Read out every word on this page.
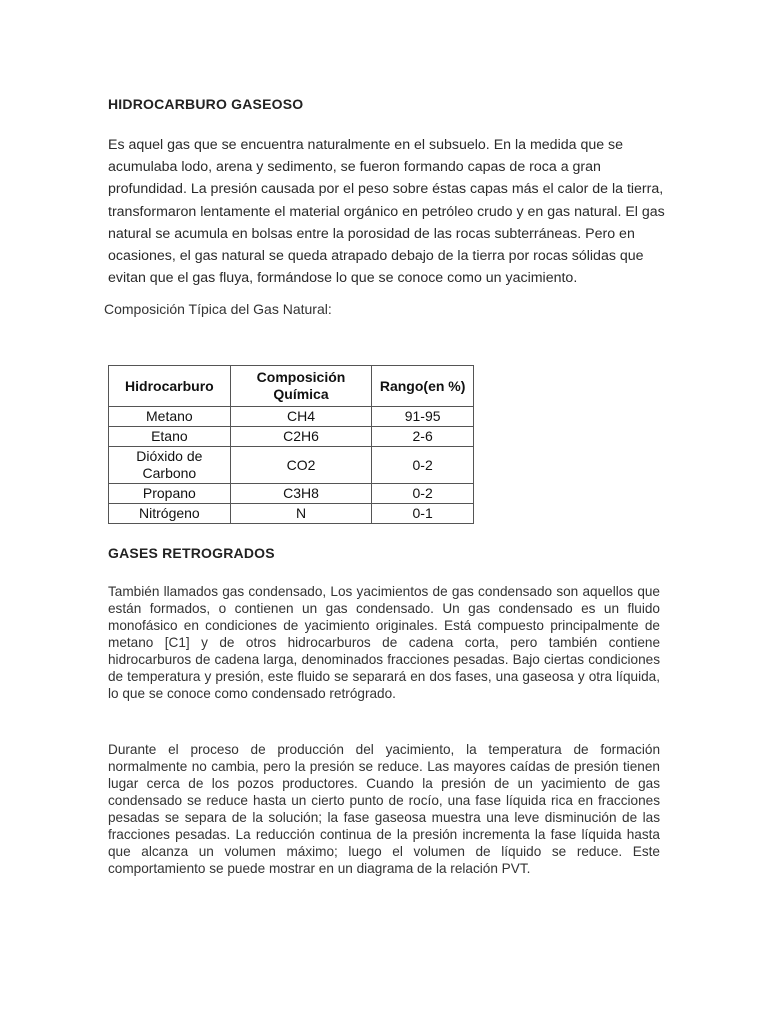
HIDROCARBURO GASEOSO

Es aquel gas que se encuentra naturalmente en el subsuelo. En la medida que se acumulaba lodo, arena y sedimento, se fueron formando capas de roca a gran profundidad. La presión causada por el peso sobre éstas capas más el calor de la tierra, transformaron lentamente el material orgánico en petróleo crudo y en gas natural. El gas natural se acumula en bolsas entre la porosidad de las rocas subterráneas. Pero en ocasiones, el gas natural se queda atrapado debajo de la tierra por rocas sólidas que evitan que el gas fluya, formándose lo que se conoce como un yacimiento.

Composición Típica del Gas Natural:
Hidrocarburo	Composición Química	Rango(en %)
Metano	CH4	91-95
Etano	C2H6	2-6
Dióxido de Carbono	CO2	0-2
Propano	C3H8	0-2
Nitrógeno	N	0-1
GASES RETROGRADOS

También llamados gas condensado, Los yacimientos de gas condensado son aquellos que están formados, o contienen un gas condensado. Un gas condensado es un fluido monofásico en condiciones de yacimiento originales. Está compuesto principalmente de metano [C1] y de otros hidrocarburos de cadena corta, pero también contiene hidrocarburos de cadena larga, denominados fracciones pesadas. Bajo ciertas condiciones de temperatura y presión, este fluido se separará en dos fases, una gaseosa y otra líquida, lo que se conoce como condensado retrógrado.

Durante el proceso de producción del yacimiento, la temperatura de formación normalmente no cambia, pero la presión se reduce. Las mayores caídas de presión tienen lugar cerca de los pozos productores. Cuando la presión de un yacimiento de gas condensado se reduce hasta un cierto punto de rocío, una fase líquida rica en fracciones pesadas se separa de la solución; la fase gaseosa muestra una leve disminución de las fracciones pesadas. La reducción continua de la presión incrementa la fase líquida hasta que alcanza un volumen máximo; luego el volumen de líquido se reduce. Este comportamiento se puede mostrar en un diagrama de la relación PVT.
